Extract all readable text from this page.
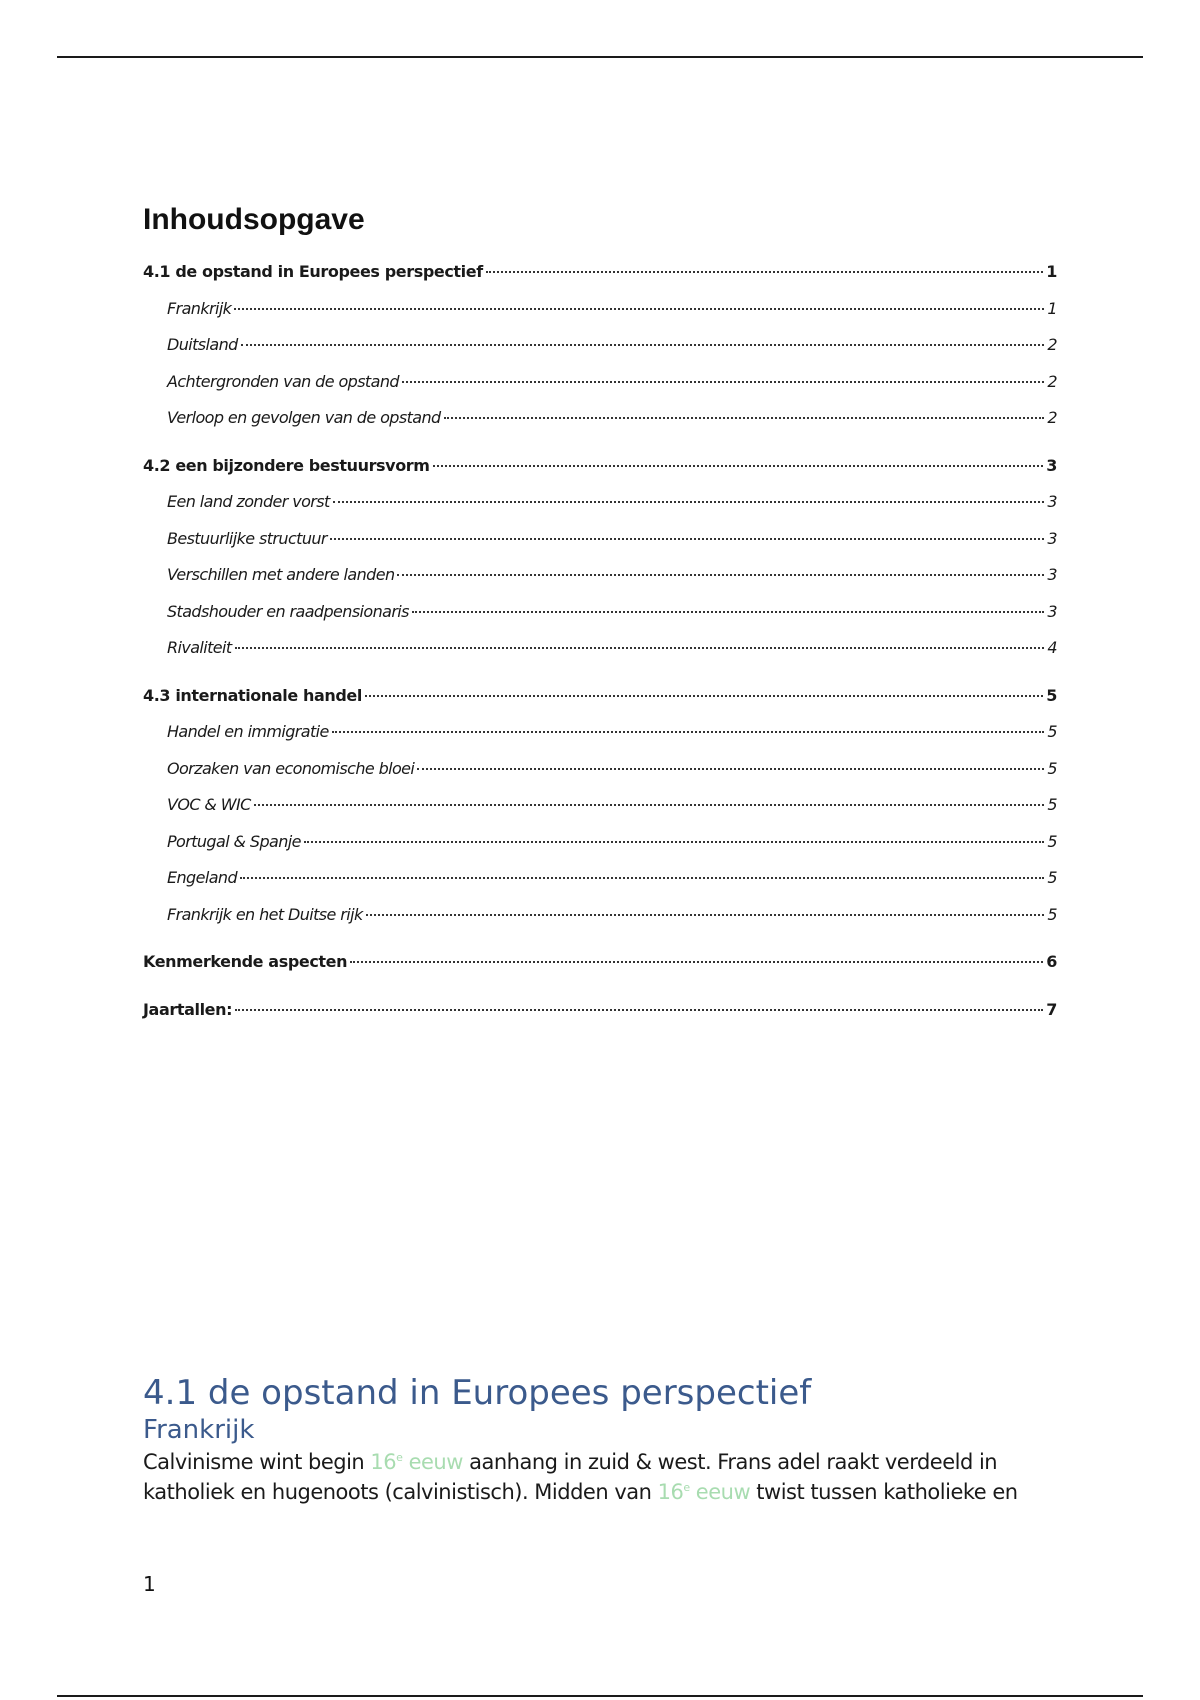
Inhoudsopgave
4.1 de opstand in Europees perspectief	1
Frankrijk	1
Duitsland	2
Achtergronden van de opstand	2
Verloop en gevolgen van de opstand	2
4.2 een bijzondere bestuursvorm	3
Een land zonder vorst	3
Bestuurlijke structuur	3
Verschillen met andere landen	3
Stadshouder en raadpensionaris	3
Rivaliteit	4
4.3 internationale handel	5
Handel en immigratie	5
Oorzaken van economische bloei	5
VOC & WIC	5
Portugal & Spanje	5
Engeland	5
Frankrijk en het Duitse rijk	5
Kenmerkende aspecten	6
Jaartallen:	7
4.1 de opstand in Europees perspectief
Frankrijk

Calvinisme wint begin 16e eeuw aanhang in zuid & west. Frans adel raakt verdeeld in katholiek en hugenoots (calvinistisch). Midden van 16e eeuw twist tussen katholieke en

1
